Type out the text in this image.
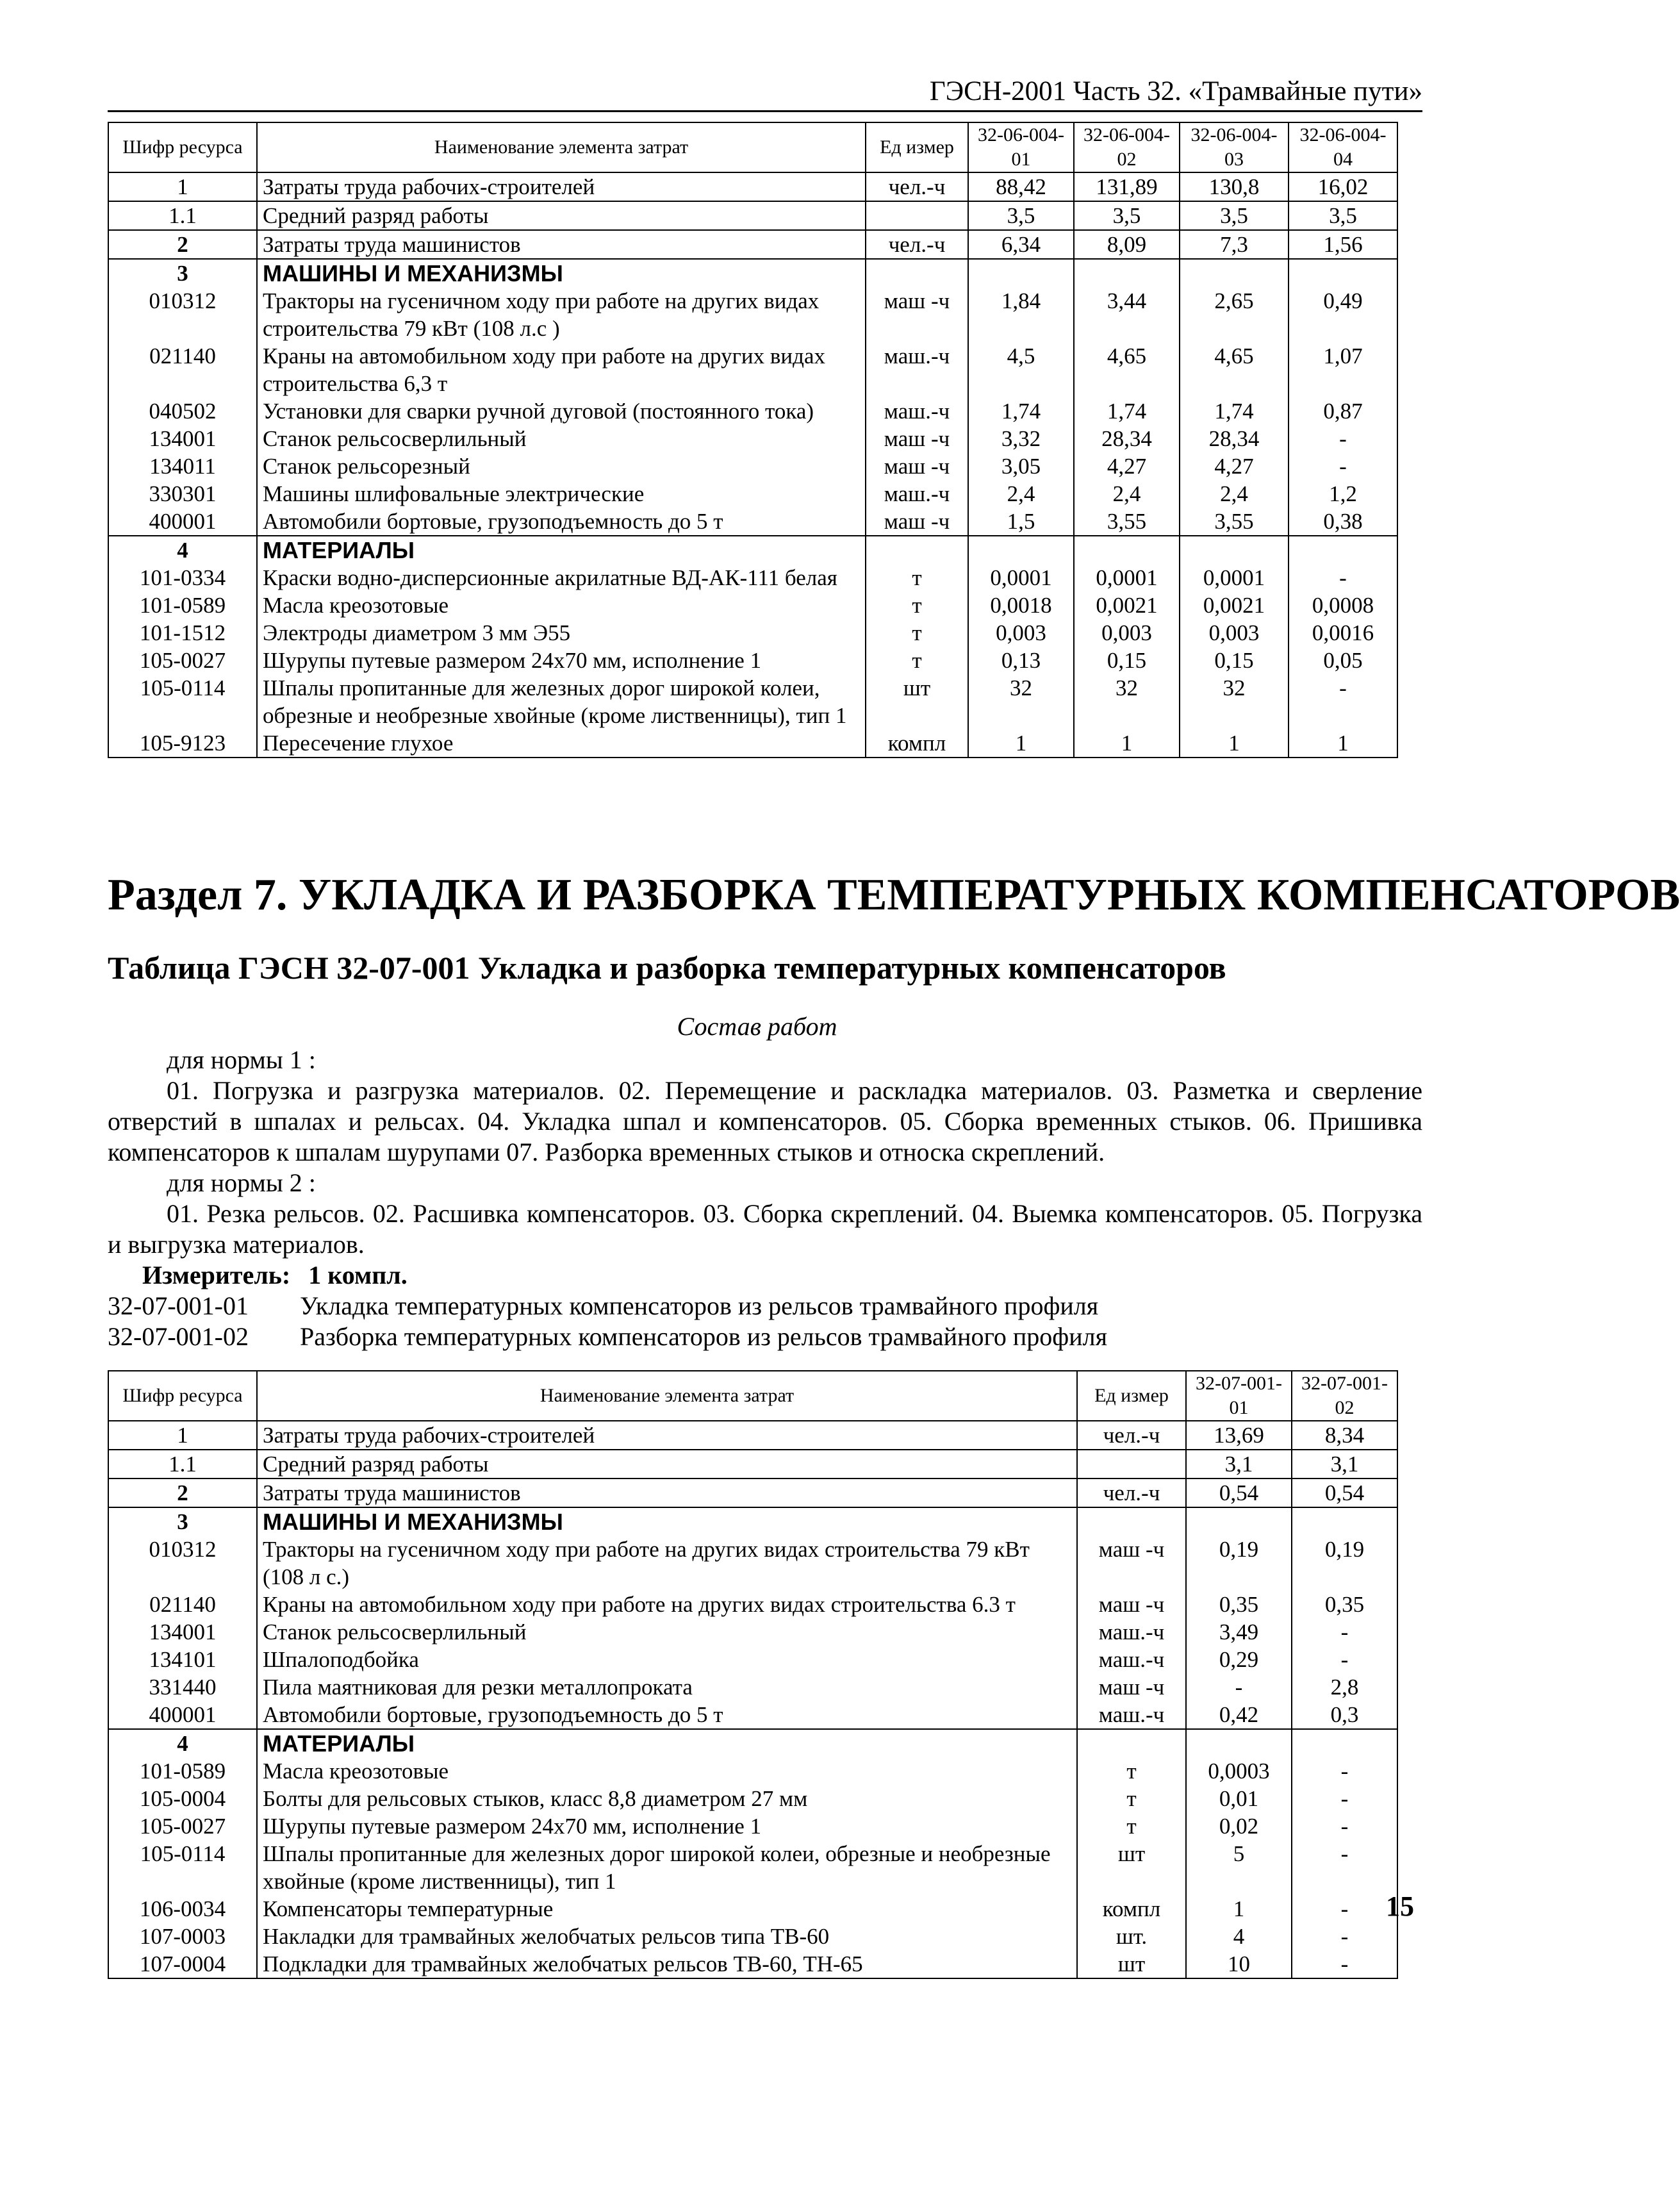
ГЭСН-2001 Часть 32. «Трамвайные пути»
Шифр ресурса	Наименование элемента затрат	Ед измер	32-06-004-01	32-06-004-02	32-06-004-03	32-06-004-04
1	Затраты труда рабочих-строителей	чел.-ч	88,42	131,89	130,8	16,02
1.1	Средний разряд работы		3,5	3,5	3,5	3,5
2	Затраты труда машинистов	чел.-ч	6,34	8,09	7,3	1,56
3	МАШИНЫ И МЕХАНИЗМЫ					
010312	Тракторы на гусеничном ходу при работе на других видах строительства 79 кВт (108 л.с )	маш -ч	1,84	3,44	2,65	0,49
021140	Краны на автомобильном ходу при работе на других видах строительства 6,3 т	маш.-ч	4,5	4,65	4,65	1,07
040502	Установки для сварки ручной дуговой (постоянного тока)	маш.-ч	1,74	1,74	1,74	0,87
134001	Станок рельсосверлильный	маш -ч	3,32	28,34	28,34	-
134011	Станок рельсорезный	маш -ч	3,05	4,27	4,27	-
330301	Машины шлифовальные электрические	маш.-ч	2,4	2,4	2,4	1,2
400001	Автомобили бортовые, грузоподъемность до 5 т	маш -ч	1,5	3,55	3,55	0,38
4	МАТЕРИАЛЫ					
101-0334	Краски водно-дисперсионные акрилатные ВД-АК-111 белая	т	0,0001	0,0001	0,0001	-
101-0589	Масла креозотовые	т	0,0018	0,0021	0,0021	0,0008
101-1512	Электроды диаметром 3 мм Э55	т	0,003	0,003	0,003	0,0016
105-0027	Шурупы путевые размером 24x70 мм, исполнение 1	т	0,13	0,15	0,15	0,05
105-0114	Шпалы пропитанные для железных дорог широкой колеи, обрезные и необрезные хвойные (кроме лиственницы), тип 1	шт	32	32	32	-
105-9123	Пересечение глухое	компл	1	1	1	1
Раздел 7. УКЛАДКА И РАЗБОРКА ТЕМПЕРАТУРНЫХ КОМПЕНСАТОРОВ
Таблица ГЭСН 32-07-001 Укладка и разборка температурных компенсаторов
Состав работ
для нормы 1 :
01. Погрузка и разгрузка материалов. 02. Перемещение и раскладка материалов. 03. Разметка и сверление отверстий в шпалах и рельсах. 04. Укладка шпал и компенсаторов. 05. Сборка временных стыков. 06. Пришивка компенсаторов к шпалам шурупами 07. Разборка временных стыков и относка скреплений.
для нормы 2 :
01. Резка рельсов. 02. Расшивка компенсаторов. 03. Сборка скреплений. 04. Выемка компенсаторов. 05. Погрузка и выгрузка материалов.
Измеритель: 1 компл.
32-07-001-01 Укладка температурных компенсаторов из рельсов трамвайного профиля
32-07-001-02 Разборка температурных компенсаторов из рельсов трамвайного профиля
Шифр ресурса	Наименование элемента затрат	Ед измер	32-07-001-01	32-07-001-02
1	Затраты труда рабочих-строителей	чел.-ч	13,69	8,34
1.1	Средний разряд работы		3,1	3,1
2	Затраты труда машинистов	чел.-ч	0,54	0,54
3	МАШИНЫ И МЕХАНИЗМЫ			
010312	Тракторы на гусеничном ходу при работе на других видах строительства 79 кВт (108 л с.)	маш -ч	0,19	0,19
021140	Краны на автомобильном ходу при работе на других видах строительства 6.3 т	маш -ч	0,35	0,35
134001	Станок рельсосверлильный	маш.-ч	3,49	-
134101	Шпалоподбойка	маш.-ч	0,29	-
331440	Пила маятниковая для резки металлопроката	маш -ч	-	2,8
400001	Автомобили бортовые, грузоподъемность до 5 т	маш.-ч	0,42	0,3
4	МАТЕРИАЛЫ			
101-0589	Масла креозотовые	т	0,0003	-
105-0004	Болты для рельсовых стыков, класс 8,8 диаметром 27 мм	т	0,01	-
105-0027	Шурупы путевые размером 24x70 мм, исполнение 1	т	0,02	-
105-0114	Шпалы пропитанные для железных дорог широкой колеи, обрезные и необрезные хвойные (кроме лиственницы), тип 1	шт	5	-
106-0034	Компенсаторы температурные	компл	1	-
107-0003	Накладки для трамвайных желобчатых рельсов типа ТВ-60	шт.	4	-
107-0004	Подкладки для трамвайных желобчатых рельсов ТВ-60, ТН-65	шт	10	-
15
